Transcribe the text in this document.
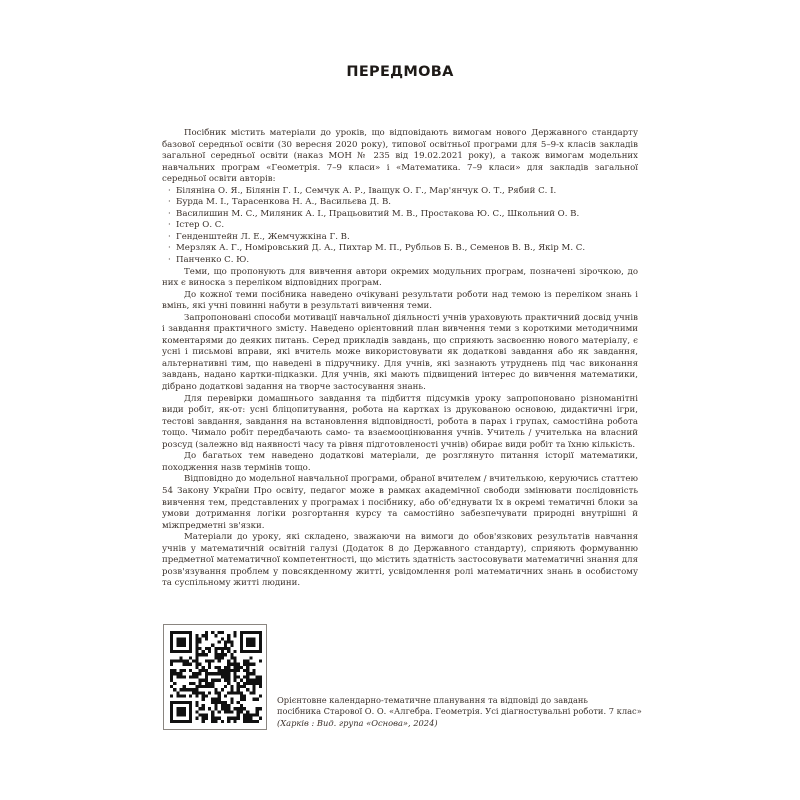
ПЕРЕДМОВА

Посібник містить матеріали до уроків, що відповідають вимогам нового Державного стандарту базової середньої освіти (30 вересня 2020 року), типової освітньої програми для 5–9-х класів закладів загальної середньої освіти (наказ МОН № 235 від 19.02.2021 року), а також вимогам модельних навчальних програм «Геометрія. 7–9 класи» і «Математика. 7–9 класи» для закладів загальної середньої освіти авторів:

· Біляніна О. Я., Білянін Г. І., Семчук А. Р., Іващук О. Г., Мар'янчук О. Т., Рябий С. І.
· Бурда М. І., Тарасенкова Н. А., Васильєва Д. В.
· Василишин М. С., Миляник А. І., Працьовитий М. В., Простакова Ю. С., Школьний О. В.
· Істер О. С.
· Генденштейн Л. Е., Жемчужкіна Г. В.
· Мерзляк А. Г., Номіровський Д. А., Пихтар М. П., Рубльов Б. В., Семенов В. В., Якір М. С.
· Панченко С. Ю.

Теми, що пропонують для вивчення автори окремих модульних програм, позначені зірочкою, до них є виноска з переліком відповідних програм.

До кожної теми посібника наведено очікувані результати роботи над темою із переліком знань і вмінь, які учні повинні набути в результаті вивчення теми.

Запропоновані способи мотивації навчальної діяльності учнів ураховують практичний досвід учнів і завдання практичного змісту. Наведено орієнтовний план вивчення теми з короткими методичними коментарями до деяких питань. Серед прикладів завдань, що сприяють засвоєнню нового матеріалу, є усні і письмові вправи, які вчитель може використовувати як додаткові завдання або як завдання, альтернативні тим, що наведені в підручнику. Для учнів, які зазнають утруднень під час виконання завдань, надано картки-підказки. Для учнів, які мають підвищений інтерес до вивчення математики, дібрано додаткові задання на творче застосування знань.

Для перевірки домашнього завдання та підбиття підсумків уроку запропоновано різноманітні види робіт, як-от: усні бліцопитування, робота на картках із друкованою основою, дидактичні ігри, тестові завдання, завдання на встановлення відповідності, робота в парах і групах, самостійна робота тощо. Чимало робіт передбачають само- та взаємооцінювання учнів. Учитель / учителька на власний розсуд (залежно від наявності часу та рівня підготовленості учнів) обирає види робіт та їхню кількість.

До багатьох тем наведено додаткові матеріали, де розглянуто питання історії математики, походження назв термінів тощо.

Відповідно до модельної навчальної програми, обраної вчителем / вчителькою, керуючись статтею 54 Закону України Про освіту, педагог може в рамках академічної свободи змінювати послідовність вивчення тем, представлених у програмах і посібнику, або об'єднувати їх в окремі тематичні блоки за умови дотримання логіки розгортання курсу та самостійно забезпечувати природні внутрішні й міжпредметні зв'язки.

Матеріали до уроку, які складено, зважаючи на вимоги до обов'язкових результатів навчання учнів у математичній освітній галузі (Додаток 8 до Державного стандарту), сприяють формуванню предметної математичної компетентності, що містить здатність застосовувати математичні знання для розв'язування проблем у повсякденному житті, усвідомлення ролі математичних знань в особистому та суспільному житті людини.

Орієнтовне календарно-тематичне планування та відповіді до завдань
посібника Старової О. О. «Алгебра. Геометрія. Усі діагностувальні роботи. 7 клас»
(Харків : Вид. група «Основа», 2024)
